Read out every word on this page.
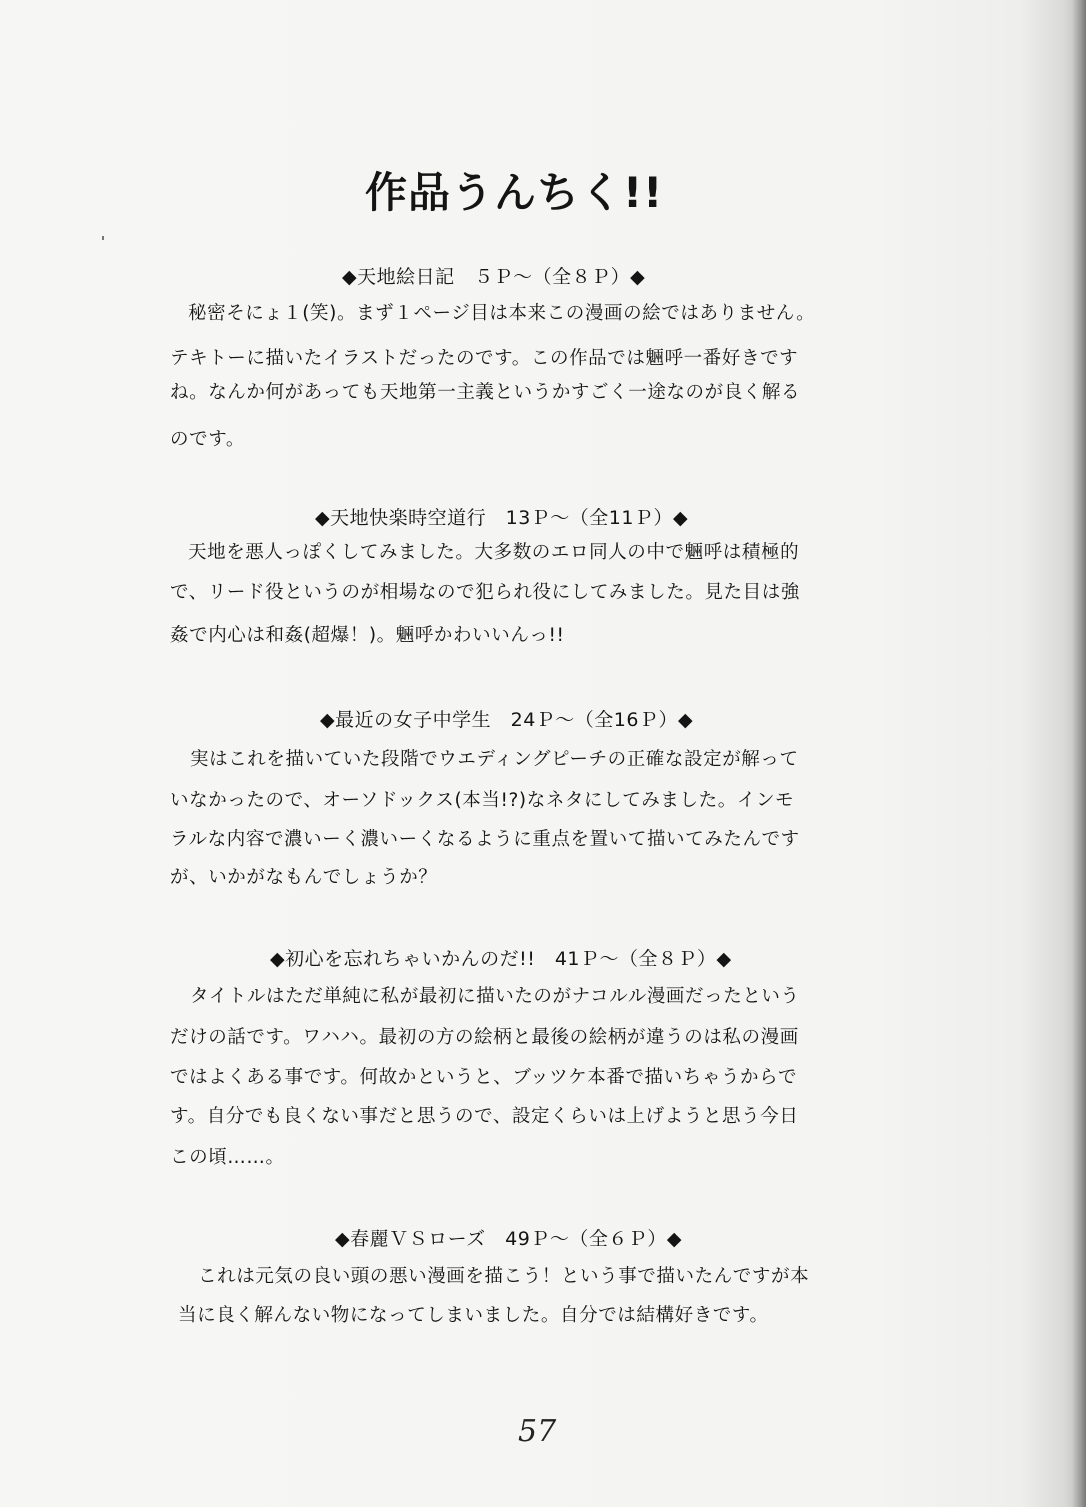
作品うんちく!!
◆天地絵日記　５Ｐ～（全８Ｐ）◆
秘密そにょ１(笑)。まず１ページ目は本来この漫画の絵ではありません。
テキトーに描いたイラストだったのです。この作品では魎呼一番好きです
ね。なんか何があっても天地第一主義というかすごく一途なのが良く解る
のです。
◆天地快楽時空道行　13Ｐ～（全11Ｐ）◆
天地を悪人っぽくしてみました。大多数のエロ同人の中で魎呼は積極的
で、リード役というのが相場なので犯られ役にしてみました。見た目は強
姦で内心は和姦(超爆！)。魎呼かわいいんっ!!
◆最近の女子中学生　24Ｐ～（全16Ｐ）◆
実はこれを描いていた段階でウエディングピーチの正確な設定が解って
いなかったので、オーソドックス(本当!?)なネタにしてみました。インモ
ラルな内容で濃いーく濃いーくなるように重点を置いて描いてみたんです
が、いかがなもんでしょうか？
◆初心を忘れちゃいかんのだ!!　41Ｐ～（全８Ｐ）◆
タイトルはただ単純に私が最初に描いたのがナコルル漫画だったという
だけの話です。ワハハ。最初の方の絵柄と最後の絵柄が違うのは私の漫画
ではよくある事です。何故かというと、ブッツケ本番で描いちゃうからで
す。自分でも良くない事だと思うので、設定くらいは上げようと思う今日
この頃……。
◆春麗ＶＳローズ　49Ｐ～（全６Ｐ）◆
これは元気の良い頭の悪い漫画を描こう！という事で描いたんですが本
当に良く解んない物になってしまいました。自分では結構好きです。
57
